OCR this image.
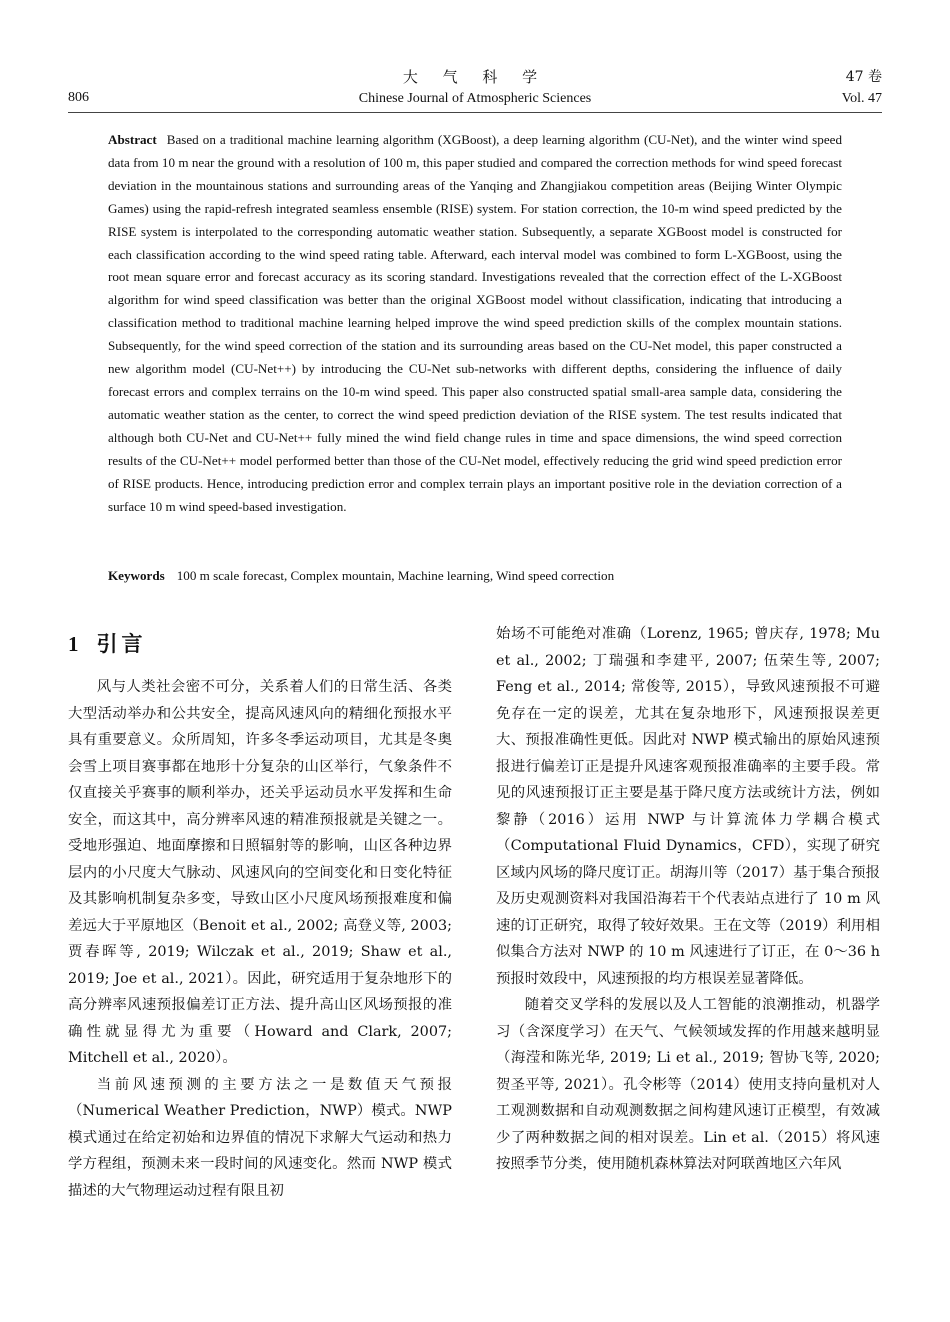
大 气 科 学
Chinese Journal of Atmospheric Sciences
806
47 卷
Vol. 47
Abstract Based on a traditional machine learning algorithm (XGBoost), a deep learning algorithm (CU-Net), and the winter wind speed data from 10 m near the ground with a resolution of 100 m, this paper studied and compared the correction methods for wind speed forecast deviation in the mountainous stations and surrounding areas of the Yanqing and Zhangjiakou competition areas (Beijing Winter Olympic Games) using the rapid-refresh integrated seamless ensemble (RISE) system. For station correction, the 10-m wind speed predicted by the RISE system is interpolated to the corresponding automatic weather station. Subsequently, a separate XGBoost model is constructed for each classification according to the wind speed rating table. Afterward, each interval model was combined to form L-XGBoost, using the root mean square error and forecast accuracy as its scoring standard. Investigations revealed that the correction effect of the L-XGBoost algorithm for wind speed classification was better than the original XGBoost model without classification, indicating that introducing a classification method to traditional machine learning helped improve the wind speed prediction skills of the complex mountain stations. Subsequently, for the wind speed correction of the station and its surrounding areas based on the CU-Net model, this paper constructed a new algorithm model (CU-Net++) by introducing the CU-Net sub-networks with different depths, considering the influence of daily forecast errors and complex terrains on the 10-m wind speed. This paper also constructed spatial small-area sample data, considering the automatic weather station as the center, to correct the wind speed prediction deviation of the RISE system. The test results indicated that although both CU-Net and CU-Net++ fully mined the wind field change rules in time and space dimensions, the wind speed correction results of the CU-Net++ model performed better than those of the CU-Net model, effectively reducing the grid wind speed prediction error of RISE products. Hence, introducing prediction error and complex terrain plays an important positive role in the deviation correction of a surface 10 m wind speed-based investigation.
Keywords 100 m scale forecast, Complex mountain, Machine learning, Wind speed correction
1 引言

风与人类社会密不可分，关系着人们的日常生活、各类大型活动举办和公共安全，提高风速风向的精细化预报水平具有重要意义。众所周知，许多冬季运动项目，尤其是冬奥会雪上项目赛事都在地形十分复杂的山区举行，气象条件不仅直接关乎赛事的顺利举办，还关乎运动员水平发挥和生命安全，而这其中，高分辨率风速的精准预报就是关键之一。受地形强迫、地面摩擦和日照辐射等的影响，山区各种边界层内的小尺度大气脉动、风速风向的空间变化和日变化特征及其影响机制复杂多变，导致山区小尺度风场预报难度和偏差远大于平原地区（Benoit et al., 2002; 高登义等, 2003; 贾春晖等, 2019; Wilczak et al., 2019; Shaw et al., 2019; Joe et al., 2021）。因此，研究适用于复杂地形下的高分辨率风速预报偏差订正方法、提升高山区风场预报的准确性就显得尤为重要（Howard and Clark, 2007; Mitchell et al., 2020）。

当前风速预测的主要方法之一是数值天气预报（Numerical Weather Prediction，NWP）模式。NWP模式通过在给定初始和边界值的情况下求解大气运动和热力学方程组，预测未来一段时间的风速变化。然而 NWP 模式描述的大气物理运动过程有限且初

始场不可能绝对准确（Lorenz, 1965; 曾庆存, 1978; Mu et al., 2002; 丁瑞强和李建平, 2007; 伍荣生等, 2007; Feng et al., 2014; 常俊等, 2015），导致风速预报不可避免存在一定的误差，尤其在复杂地形下，风速预报误差更大、预报准确性更低。因此对 NWP 模式输出的原始风速预报进行偏差订正是提升风速客观预报准确率的主要手段。常见的风速预报订正主要是基于降尺度方法或统计方法，例如黎静（2016）运用 NWP 与计算流体力学耦合模式（Computational Fluid Dynamics，CFD），实现了研究区域内风场的降尺度订正。胡海川等（2017）基于集合预报及历史观测资料对我国沿海若干个代表站点进行了 10 m 风速的订正研究，取得了较好效果。王在文等（2019）利用相似集合方法对 NWP 的 10 m 风速进行了订正，在 0～36 h 预报时效段中，风速预报的均方根误差显著降低。

随着交叉学科的发展以及人工智能的浪潮推动，机器学习（含深度学习）在天气、气候领域发挥的作用越来越明显（海滢和陈光华, 2019; Li et al., 2019; 智协飞等, 2020; 贺圣平等, 2021）。孔令彬等（2014）使用支持向量机对人工观测数据和自动观测数据之间构建风速订正模型，有效减少了两种数据之间的相对误差。Lin et al.（2015）将风速按照季节分类，使用随机森林算法对阿联酋地区六年风
